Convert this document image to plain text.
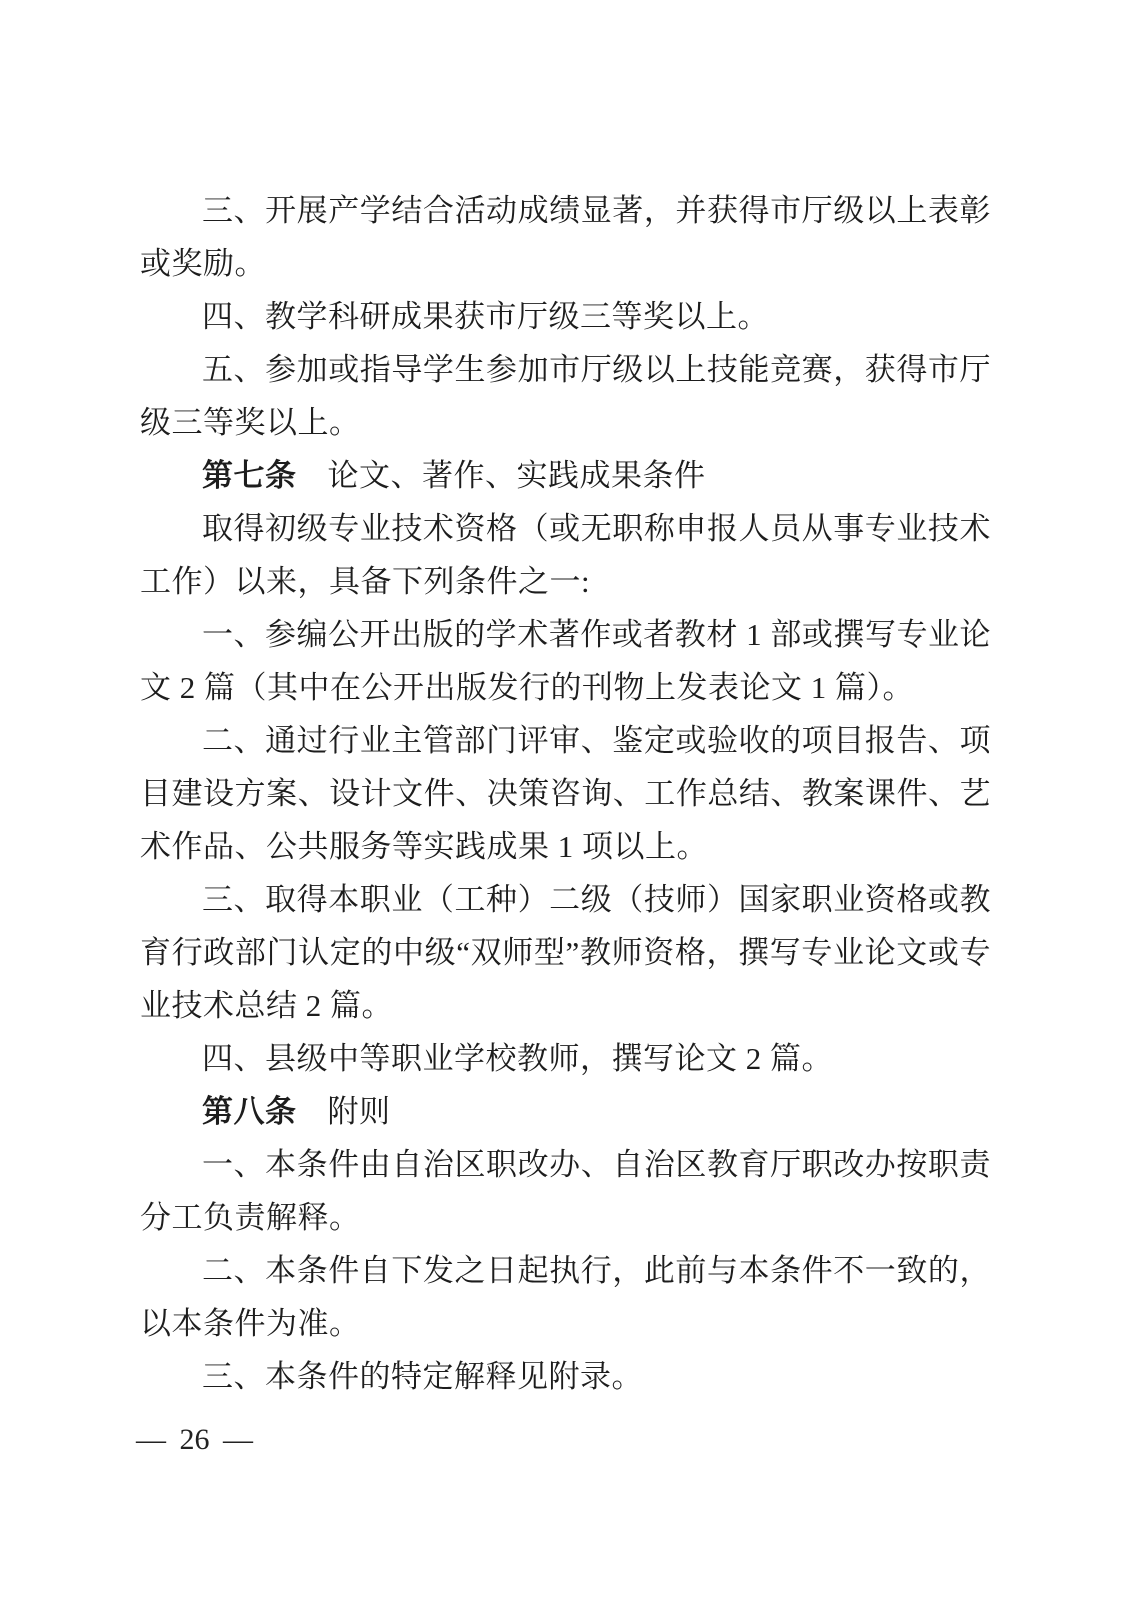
三、开展产学结合活动成绩显著，并获得市厅级以上表彰或奖励。

四、教学科研成果获市厅级三等奖以上。

五、参加或指导学生参加市厅级以上技能竞赛，获得市厅级三等奖以上。

第七条 论文、著作、实践成果条件

取得初级专业技术资格（或无职称申报人员从事专业技术工作）以来，具备下列条件之一:

一、参编公开出版的学术著作或者教材 1 部或撰写专业论文 2 篇（其中在公开出版发行的刊物上发表论文 1 篇）。

二、通过行业主管部门评审、鉴定或验收的项目报告、项目建设方案、设计文件、决策咨询、工作总结、教案课件、艺术作品、公共服务等实践成果 1 项以上。

三、取得本职业（工种）二级（技师）国家职业资格或教育行政部门认定的中级“双师型”教师资格，撰写专业论文或专业技术总结 2 篇。

四、县级中等职业学校教师，撰写论文 2 篇。

第八条 附则

一、本条件由自治区职改办、自治区教育厅职改办按职责分工负责解释。

二、本条件自下发之日起执行，此前与本条件不一致的，以本条件为准。

三、本条件的特定解释见附录。

— 26 —
